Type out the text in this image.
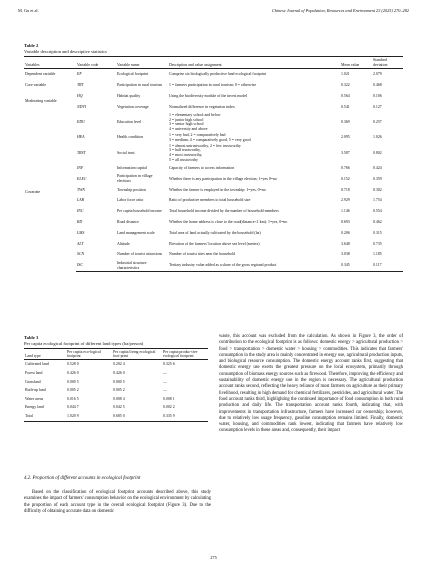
M. Gu et al.	Chinese Journal of Population, Resources and Environment 23 (2025) 270–282
Table 2
Variable description and descriptive statistics
Variables	Variable code	Variable name	Description and value assignment	Mean value	Standard deviation
Dependent variable	EF	Ecological footprint	Comprise six biologically productive land ecological footprint	1.021	2.079
Core variable	TRT	Participation in rural tourism	1 = farmers participation in rural tourism; 0 = otherwise	0.322	0.468
Moderating variable	HQ	Habitat quality	Using the biodiversity module of the invest model	0.564	0.106
	NDVI	Vegetation coverage	Normalized difference in vegetation index	0.541	0.127
Covariate	EDU	Education level	1 = elementary school and below
2 = junior high school
3 = senior high school
4 = university and above	0.369	0.257
	HEA	Health condition	1 = very bad, 2 = comparatively bad
3 = medium, 4 = comparatively good, 5 = very good	2.095	1.026
	TRST	Social trust	1 = almost untrustworthy, 2 = few trustworthy
3 = half trustworthy,
4 = most trustworthy,
5 = all trustworthy	3.587	0.802
	INF	Information capital	Capacity of farmers to access information	0.766	0.424
	ELEC	Participation in village elections	Whether there is any participation in the village election; 1=yes 0=no	0.152	0.359
	TWN	Township position	Whether the farmer is employed in the township: 1=yes, 0=no	0.718	0.302
	LAB	Labor force ratio	Ratio of productive members to total household size	2.929	1.754
	INC	Per capita household income	Total household income divided by the number of household members	1.146	0.554
	RD	Road distance	Whether the home address is close to the road(distance<1 km): 1=yes, 0=no	0.693	0.462
	LMS	Land management scale	Total area of land actually cultivated by the household (ha)	0.206	0.315
	ALT	Altitude	Elevation of the farmers' location above sea level (meters)	3.648	0.735
	SCN	Number of tourist attractions	Number of tourist sites near the household	3.038	1.185
	ISC	Industrial structure characteristics	Tertiary industry value added as a share of the gross regional product	0.345	0.117
Table 3
Per capita ecological footprint of different land types (ha/person)
Land type	Per capita eco-logical footprint	Per capita living ecological foot-print	Per capita produc-tive ecological footprint
Cultivated land	0.528 0	0.202 4	0.325 6
Forest land	0.426 0	0.426 0	—
Grassland	0.000 5	0.000 5	—
Built-up land	0.005 2	0.005 2	—
Water areas	0.016 5	0.008 4	0.008 1
Energy land	0.044 7	0.042 5	0.002 2
Total	1.020 9	0.685 0	0.335 9
4.2. Proportion of different accounts in ecological footprint
Based on the classification of ecological footprint accounts described above, this study examines the impact of farmers' consumption behavior on the ecological environment by calculating the proportion of each account type in the overall ecological footprint (Figure 3). Due to the difficulty of obtaining accurate data on domestic
waste, this account was excluded from the calculation. As shown in Figure 3, the order of contribution to the ecological footprint is as follows: domestic energy > agricultural production > food > transportation > domestic water > housing > commodities. This indicates that farmers' consumption in the study area is mainly concentrated in energy use, agricultural production inputs, and biological resource consumption. The domestic energy account ranks first, suggesting that domestic energy use exerts the greatest pressure on the local ecosystem, primarily through consumption of biomass energy sources such as firewood. Therefore, improving the efficiency and sustainability of domestic energy use in the region is necessary. The agricultural production account ranks second, reflecting the heavy reliance of most farmers on agriculture as their primary livelihood, resulting in high demand for chemical fertilizers, pesticides, and agricultural water. The food account ranks third, highlighting the continued importance of food consumption in both rural production and daily life. The transportation account ranks fourth, indicating that, with improvements in transportation infrastructure, farmers have increased car ownership; however, due to relatively low usage frequency, gasoline consumption remains limited. Finally, domestic water, housing, and commodities rank lowest, indicating that farmers have relatively low consumption levels in these areas and, consequently, their impact
275
